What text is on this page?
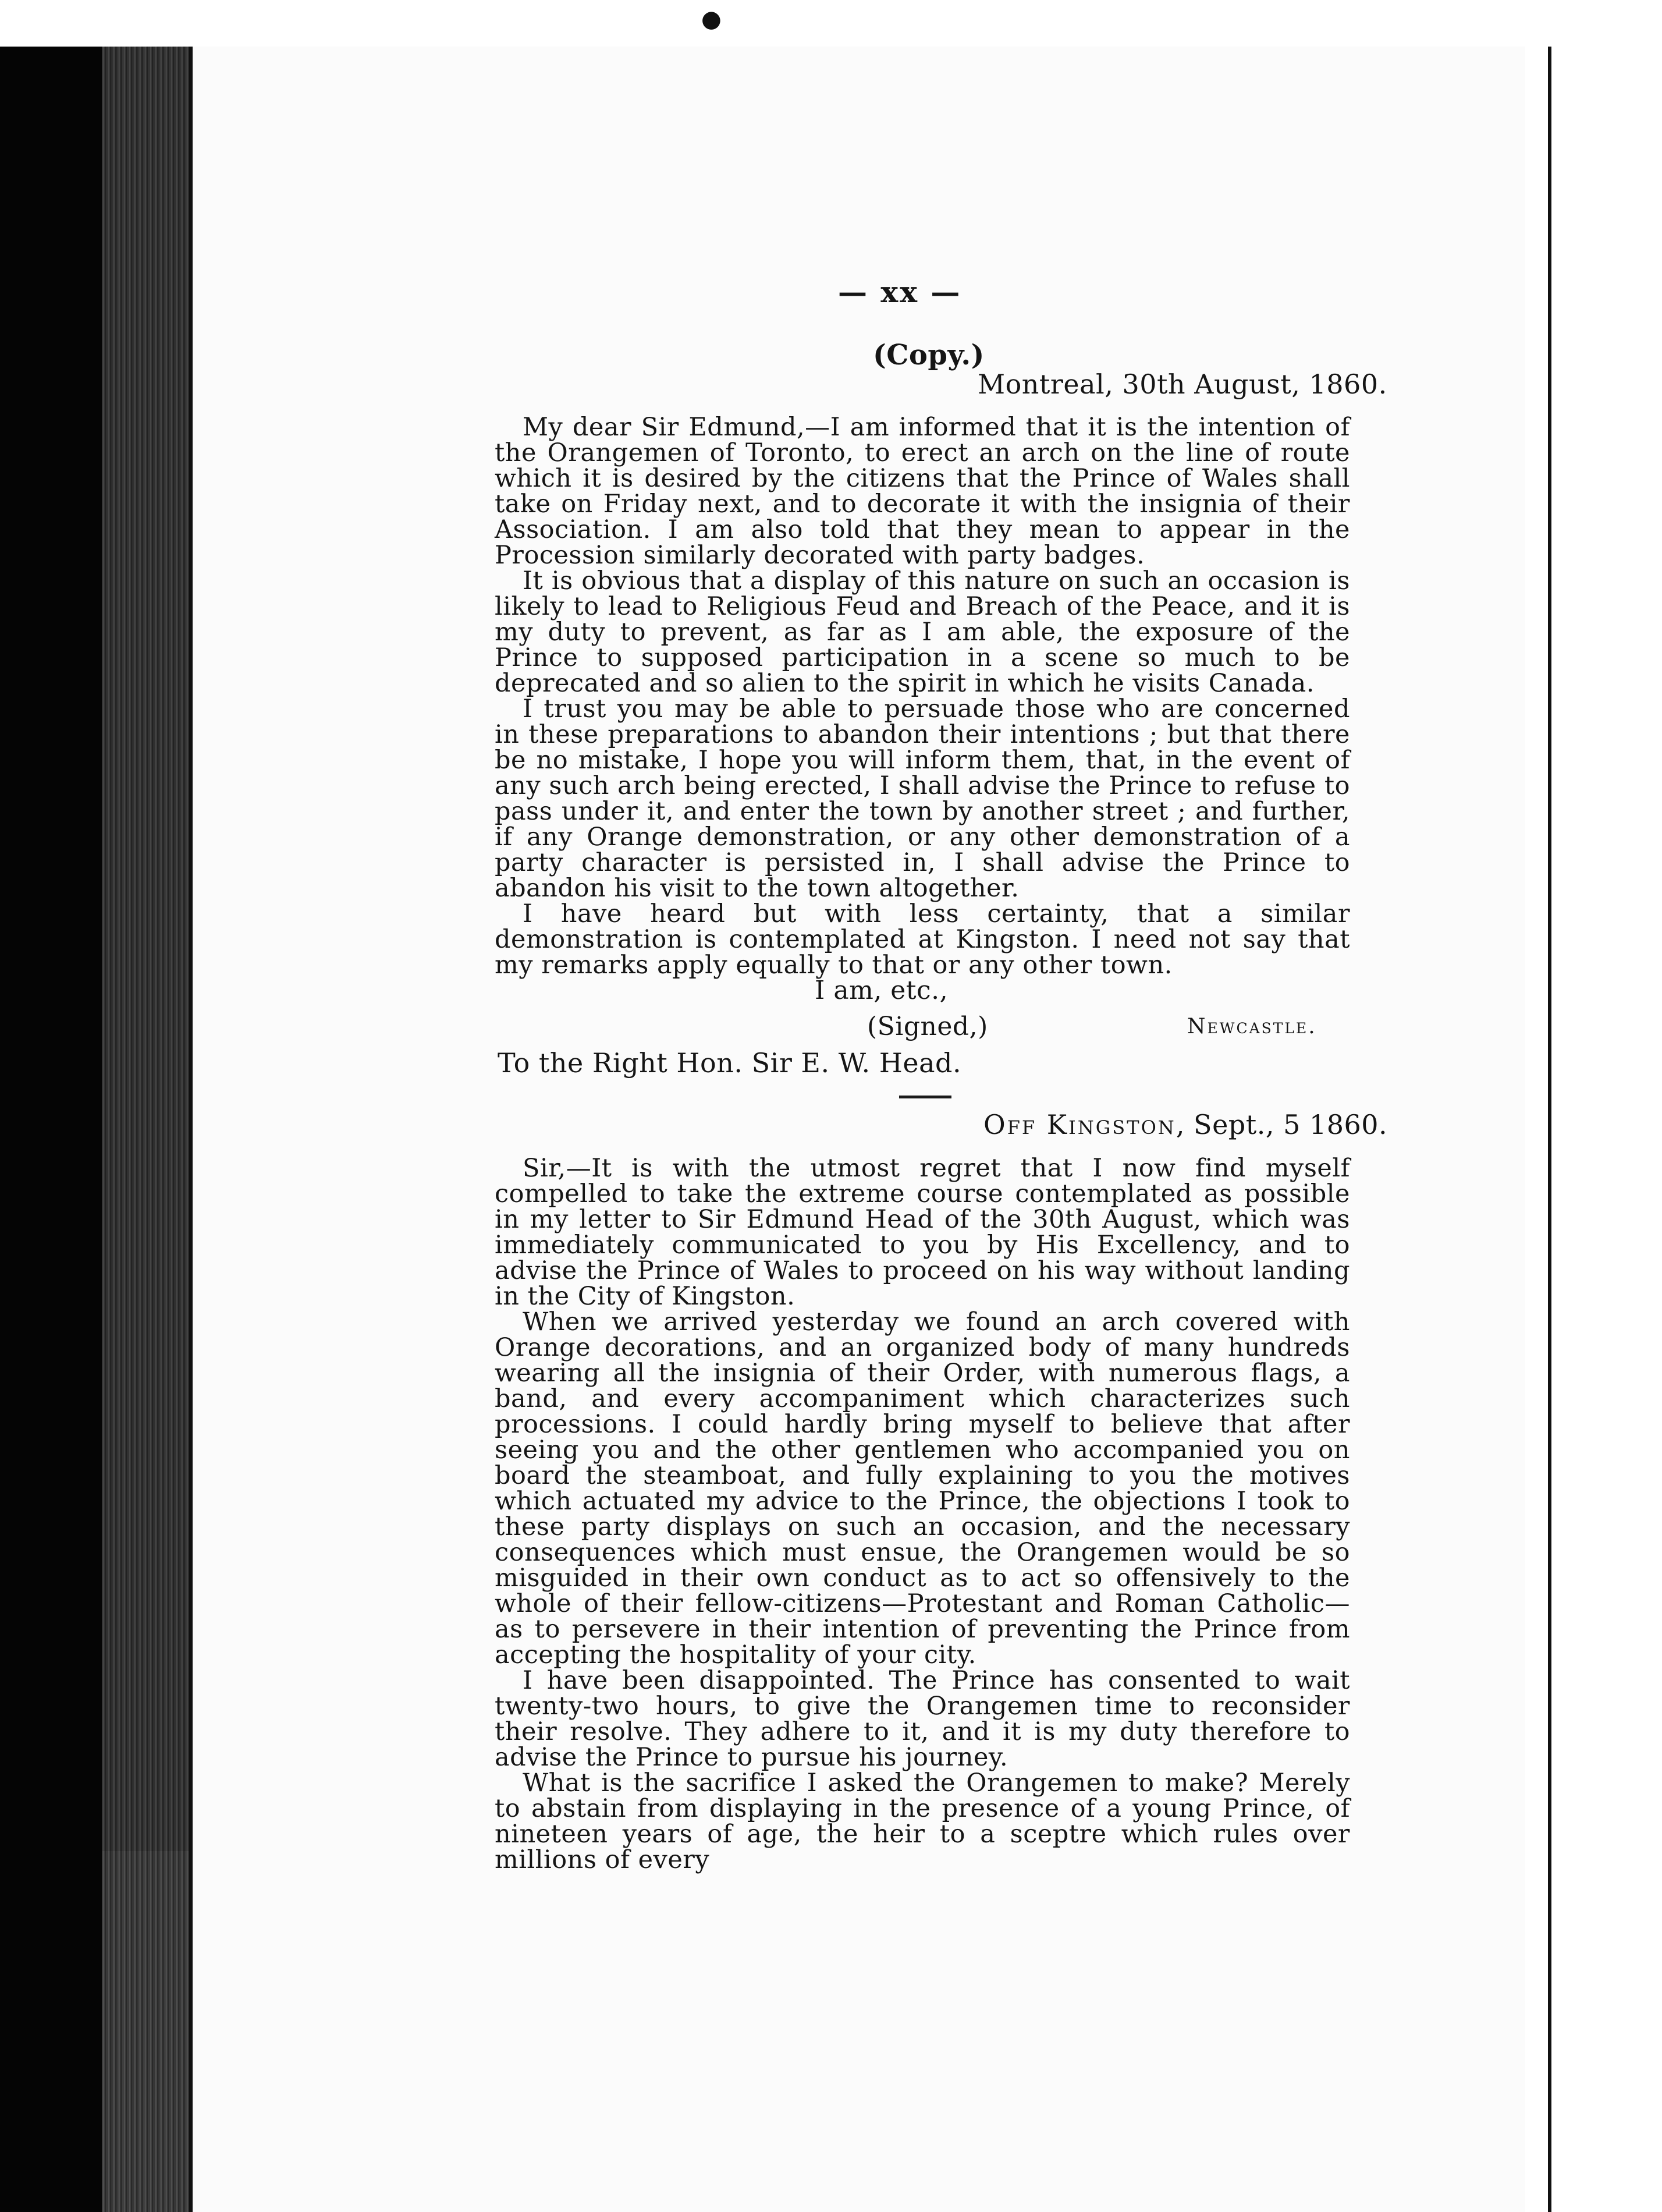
●
— xx —
(Copy.)
Montreal, 30th August, 1860.

My dear Sir Edmund,—I am informed that it is the intention of the Orangemen of Toronto, to erect an arch on the line of route which it is desired by the citizens that the Prince of Wales shall take on Friday next, and to decorate it with the insignia of their Association. I am also told that they mean to appear in the Procession similarly decorated with party badges.

It is obvious that a display of this nature on such an occasion is likely to lead to Religious Feud and Breach of the Peace, and it is my duty to prevent, as far as I am able, the exposure of the Prince to supposed participation in a scene so much to be deprecated and so alien to the spirit in which he visits Canada.

I trust you may be able to persuade those who are concerned in these preparations to abandon their intentions ; but that there be no mistake, I hope you will inform them, that, in the event of any such arch being erected, I shall advise the Prince to refuse to pass under it, and enter the town by another street ; and further, if any Orange demonstration, or any other demonstration of a party character is persisted in, I shall advise the Prince to abandon his visit to the town altogether.

I have heard but with less certainty, that a similar demonstration is contemplated at Kingston. I need not say that my remarks apply equally to that or any other town.

I am, etc.,
(Signed,)	Newcastle.
To the Right Hon. Sir E. W. Head.
Off Kingston, Sept., 5 1860.

Sir,—It is with the utmost regret that I now find myself compelled to take the extreme course contemplated as possible in my letter to Sir Edmund Head of the 30th August, which was immediately communicated to you by His Excellency, and to advise the Prince of Wales to proceed on his way without landing in the City of Kingston.

When we arrived yesterday we found an arch covered with Orange decorations, and an organized body of many hundreds wearing all the insignia of their Order, with numerous flags, a band, and every accompaniment which characterizes such processions. I could hardly bring myself to believe that after seeing you and the other gentlemen who accompanied you on board the steamboat, and fully explaining to you the motives which actuated my advice to the Prince, the objections I took to these party displays on such an occasion, and the necessary consequences which must ensue, the Orangemen would be so misguided in their own conduct as to act so offensively to the whole of their fellow-citizens—Protestant and Roman Catholic—as to persevere in their intention of preventing the Prince from accepting the hospitality of your city.

I have been disappointed. The Prince has consented to wait twenty-two hours, to give the Orangemen time to reconsider their resolve. They adhere to it, and it is my duty therefore to advise the Prince to pursue his journey.

What is the sacrifice I asked the Orangemen to make? Merely to abstain from displaying in the presence of a young Prince, of nineteen years of age, the heir to a sceptre which rules over millions of every
